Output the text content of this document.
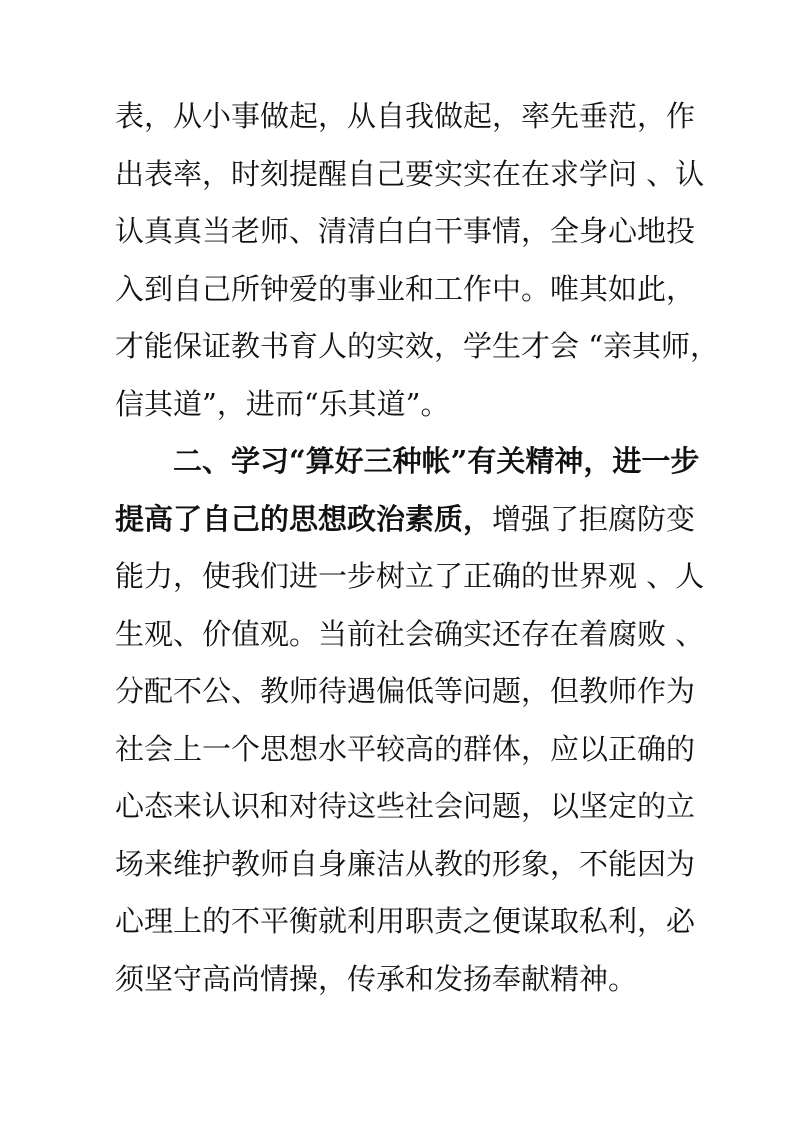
表，从小事做起，从自我做起，率先垂范，作
出表率，时刻提醒自己要实实在在求学问 、认
认真真当老师、清清白白干事情，全身心地投
入到自己所钟爱的事业和工作中。唯其如此，
才能保证教书育人的实效，学生才会 “亲其师，
信其道”，进而“乐其道”。
二、学习“算好三种帐”有关精神，进一步
提高了自己的思想政治素质，增强了拒腐防变
能力，使我们进一步树立了正确的世界观 、人
生观、价值观。当前社会确实还存在着腐败 、
分配不公、教师待遇偏低等问题，但教师作为
社会上一个思想水平较高的群体，应以正确的
心态来认识和对待这些社会问题，以坚定的立
场来维护教师自身廉洁从教的形象，不能因为
心理上的不平衡就利用职责之便谋取私利，必
须坚守高尚情操，传承和发扬奉献精神。
